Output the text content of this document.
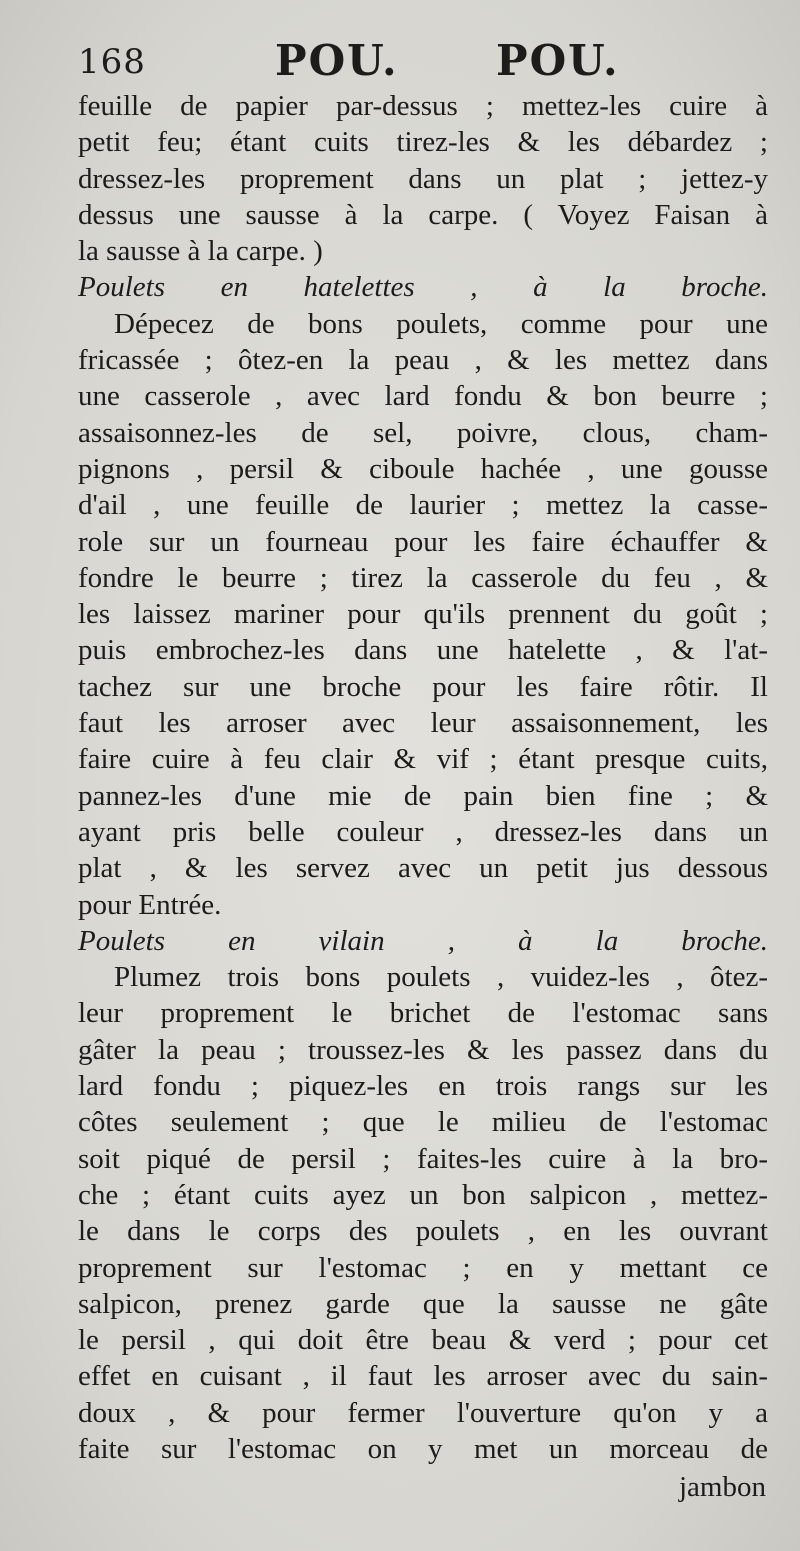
168	POU. POU.

feuille de papier par-dessus ; mettez-les cuire à

petit feu; étant cuits tirez-les & les débardez ;

dressez-les proprement dans un plat ; jettez-y

dessus une sausse à la carpe. ( Voyez Faisan à

la sausse à la carpe. )

Poulets en hatelettes , à la broche.

Dépecez de bons poulets, comme pour une

fricassée ; ôtez-en la peau , & les mettez dans

une casserole , avec lard fondu & bon beurre ;

assaisonnez-les de sel, poivre, clous, cham-

pignons , persil & ciboule hachée , une gousse

d'ail , une feuille de laurier ; mettez la casse-

role sur un fourneau pour les faire échauffer &

fondre le beurre ; tirez la casserole du feu , &

les laissez mariner pour qu'ils prennent du goût ;

puis embrochez-les dans une hatelette , & l'at-

tachez sur une broche pour les faire rôtir. Il

faut les arroser avec leur assaisonnement, les

faire cuire à feu clair & vif ; étant presque cuits,

pannez-les d'une mie de pain bien fine ; &

ayant pris belle couleur , dressez-les dans un

plat , & les servez avec un petit jus dessous

pour Entrée.

Poulets en vilain , à la broche.

Plumez trois bons poulets , vuidez-les , ôtez-

leur proprement le brichet de l'estomac sans

gâter la peau ; troussez-les & les passez dans du

lard fondu ; piquez-les en trois rangs sur les

côtes seulement ; que le milieu de l'estomac

soit piqué de persil ; faites-les cuire à la bro-

che ; étant cuits ayez un bon salpicon , mettez-

le dans le corps des poulets , en les ouvrant

proprement sur l'estomac ; en y mettant ce

salpicon, prenez garde que la sausse ne gâte

le persil , qui doit être beau & verd ; pour cet

effet en cuisant , il faut les arroser avec du sain-

doux , & pour fermer l'ouverture qu'on y a

faite sur l'estomac on y met un morceau de

jambon
